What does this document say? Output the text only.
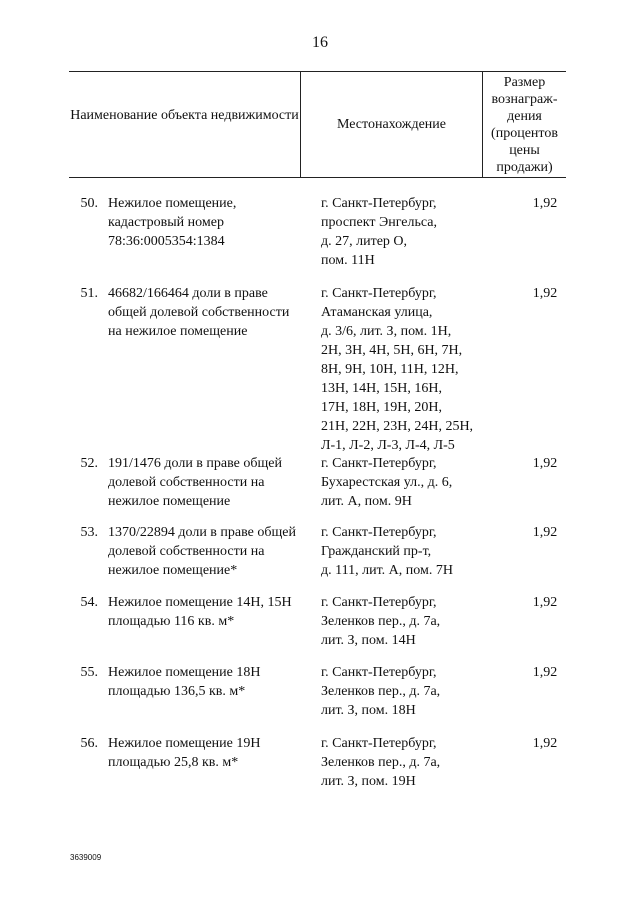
16
Наименование объекта недвижимости
Местонахождение
Размер вознаграж-дения (процентов цены продажи)
50. Нежилое помещение,
кадастровый номер
78:36:0005354:1384
г. Санкт-Петербург,
проспект Энгельса,
д. 27, литер О,
пом. 11Н
1,92
51. 46682/166464 доли в праве
общей долевой собственности
на нежилое помещение
г. Санкт-Петербург,
Атаманская улица,
д. 3/6, лит. З, пом. 1Н,
2Н, 3Н, 4Н, 5Н, 6Н, 7Н,
8Н, 9Н, 10Н, 11Н, 12Н,
13Н, 14Н, 15Н, 16Н,
17Н, 18Н, 19Н, 20Н,
21Н, 22Н, 23Н, 24Н, 25Н,
Л-1, Л-2, Л-3, Л-4, Л-5
1,92
52. 191/1476 доли в праве общей
долевой собственности на
нежилое помещение
г. Санкт-Петербург,
Бухарестская ул., д. 6,
лит. А, пом. 9Н
1,92
53. 1370/22894 доли в праве общей
долевой собственности на
нежилое помещение*
г. Санкт-Петербург,
Гражданский пр-т,
д. 111, лит. А, пом. 7Н
1,92
54. Нежилое помещение 14Н, 15Н
площадью 116 кв. м*
г. Санкт-Петербург,
Зеленков пер., д. 7а,
лит. З, пом. 14Н
1,92
55. Нежилое помещение 18Н
площадью 136,5 кв. м*
г. Санкт-Петербург,
Зеленков пер., д. 7а,
лит. З, пом. 18Н
1,92
56. Нежилое помещение 19Н
площадью 25,8 кв. м*
г. Санкт-Петербург,
Зеленков пер., д. 7а,
лит. З, пом. 19Н
1,92
3639009
